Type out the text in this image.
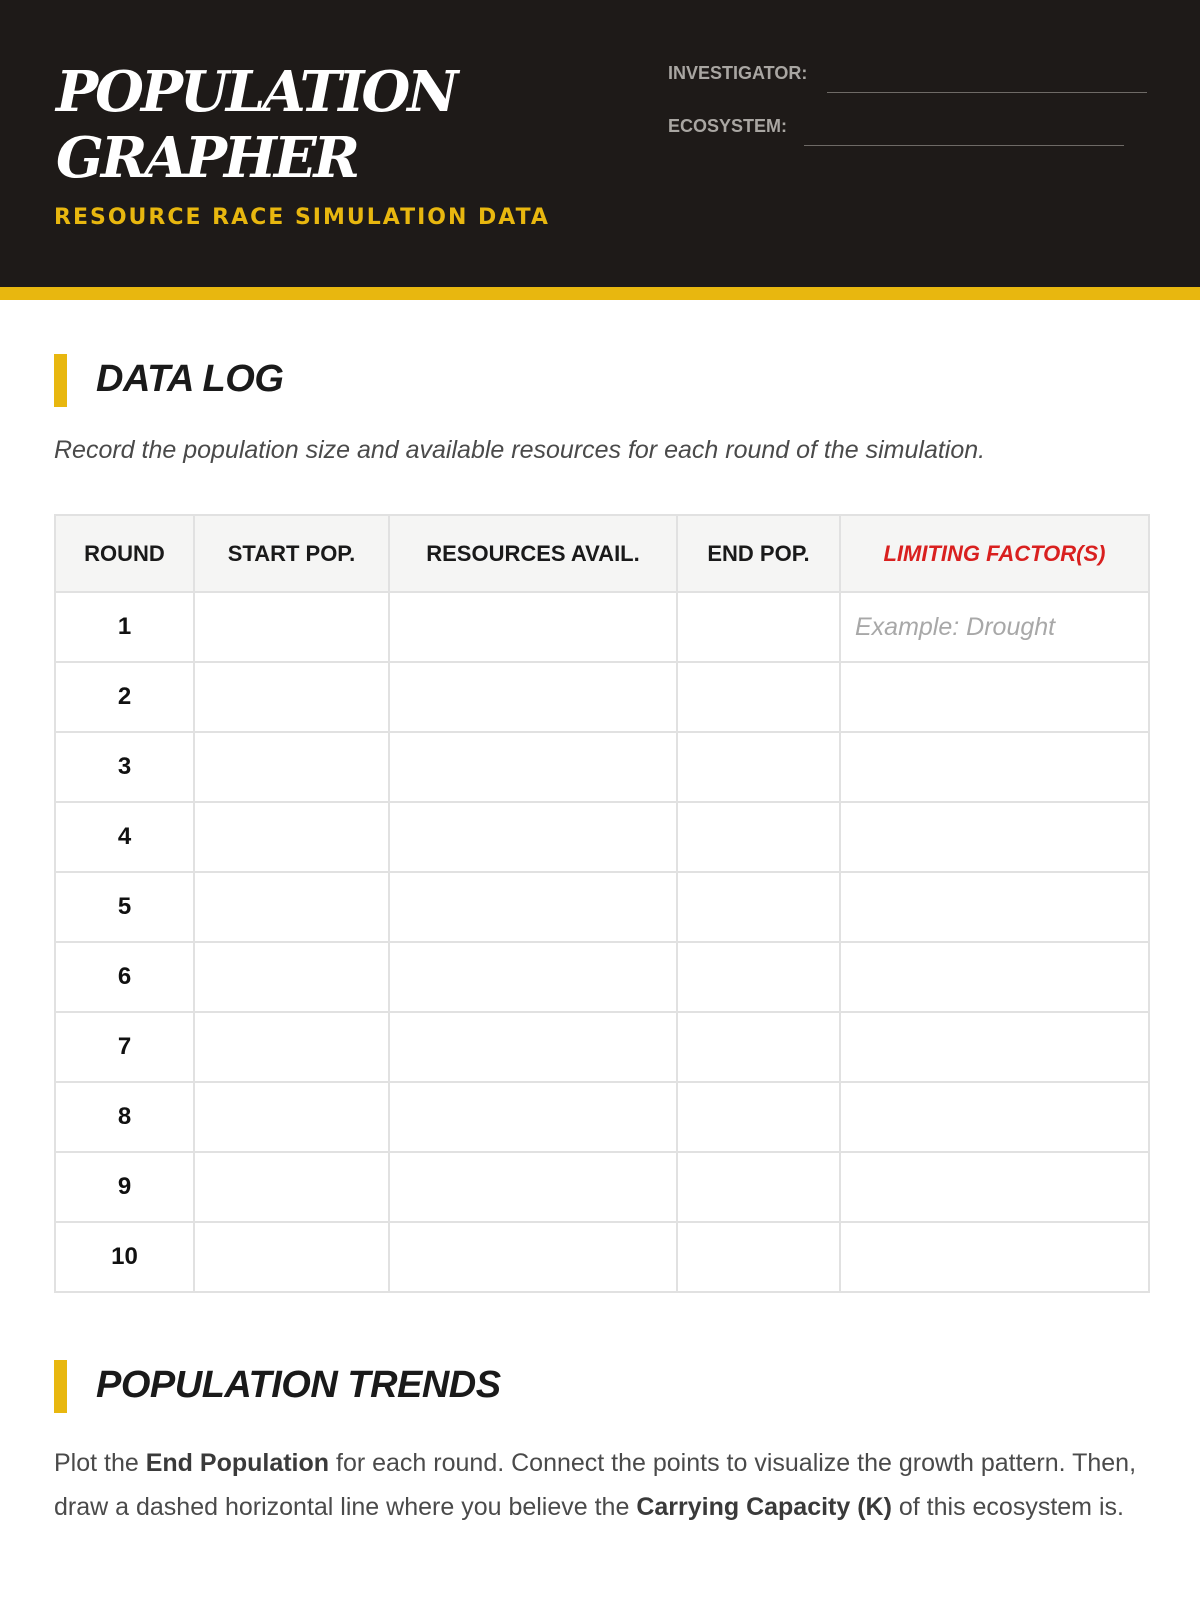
POPULATION
GRAPHER
RESOURCE RACE SIMULATION DATA
INVESTIGATOR:
ECOSYSTEM:
DATA LOG
Record the population size and available resources for each round of the simulation.
ROUND	START POP.	RESOURCES AVAIL.	END POP.	LIMITING FACTOR(S)
1				Example: Drought
2				
3				
4				
5				
6				
7				
8				
9				
10				
POPULATION TRENDS
Plot the End Population for each round. Connect the points to visualize the growth pattern. Then, draw a dashed horizontal line where you believe the Carrying Capacity (K) of this ecosystem is.
